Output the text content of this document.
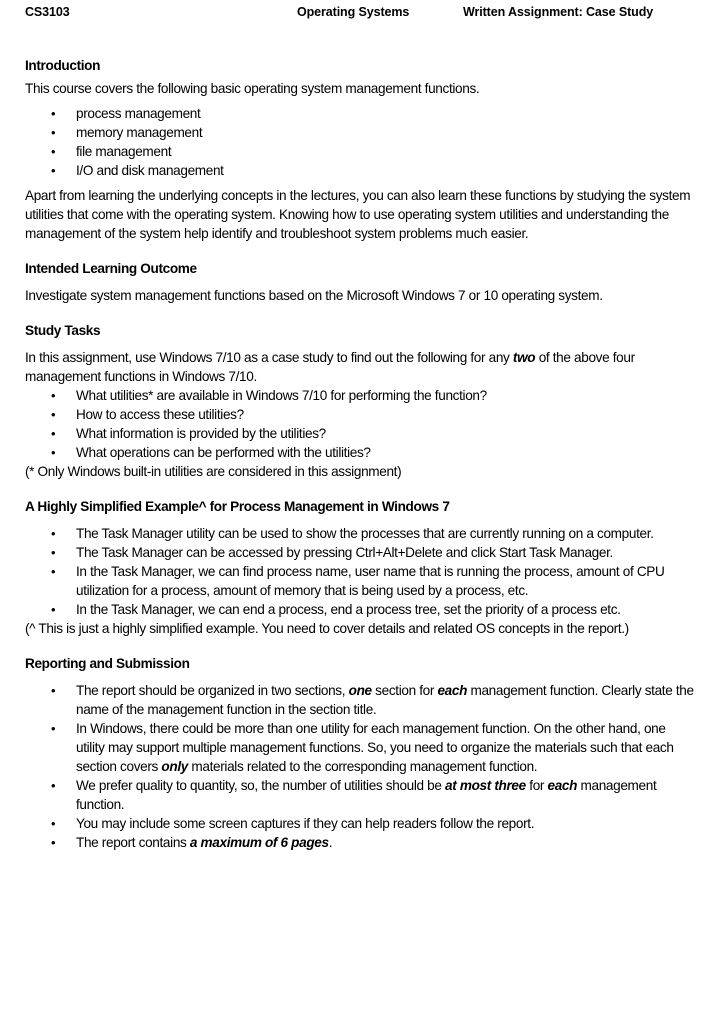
CS3103	Operating Systems	Written Assignment: Case Study

Introduction

This course covers the following basic operating system management functions.

• process management
• memory management
• file management
• I/O and disk management

Apart from learning the underlying concepts in the lectures, you can also learn these functions by studying the system utilities that come with the operating system. Knowing how to use operating system utilities and understanding the management of the system help identify and troubleshoot system problems much easier.

Intended Learning Outcome

Investigate system management functions based on the Microsoft Windows 7 or 10 operating system.

Study Tasks

In this assignment, use Windows 7/10 as a case study to find out the following for any two of the above four management functions in Windows 7/10.

• What utilities* are available in Windows 7/10 for performing the function?
• How to access these utilities?
• What information is provided by the utilities?
• What operations can be performed with the utilities?

(* Only Windows built-in utilities are considered in this assignment)

A Highly Simplified Example^ for Process Management in Windows 7

• The Task Manager utility can be used to show the processes that are currently running on a computer.
• The Task Manager can be accessed by pressing Ctrl+Alt+Delete and click Start Task Manager.
• In the Task Manager, we can find process name, user name that is running the process, amount of CPU utilization for a process, amount of memory that is being used by a process, etc.
• In the Task Manager, we can end a process, end a process tree, set the priority of a process etc.

(^ This is just a highly simplified example. You need to cover details and related OS concepts in the report.)

Reporting and Submission

• The report should be organized in two sections, one section for each management function. Clearly state the name of the management function in the section title.
• In Windows, there could be more than one utility for each management function. On the other hand, one utility may support multiple management functions. So, you need to organize the materials such that each section covers only materials related to the corresponding management function.
• We prefer quality to quantity, so, the number of utilities should be at most three for each management function.
• You may include some screen captures if they can help readers follow the report.
• The report contains a maximum of 6 pages.
